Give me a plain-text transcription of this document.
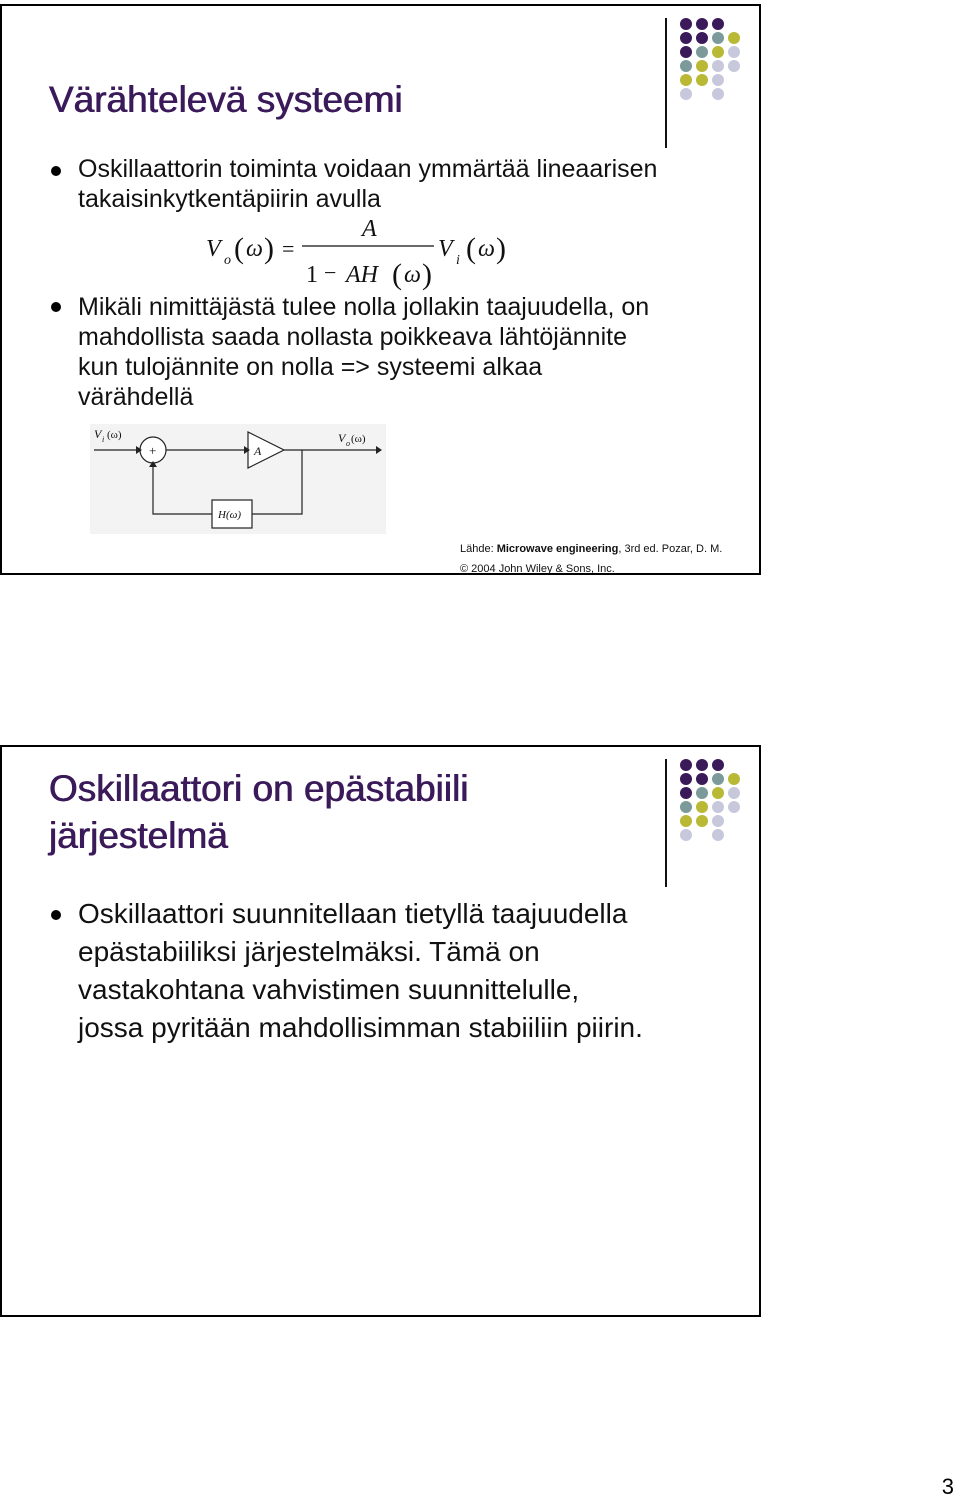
Värähtelevä systeemi

Oskillaattorin toiminta voidaan ymmärtää lineaarisen
takaisinkytkentäpiirin avulla

V o ( ω ) =
A
1 − AH ( ω )
V i ( ω )

Mikäli nimittäjästä tulee nolla jollakin taajuudella, on
mahdollista saada nollasta poikkeava lähtöjännite
kun tulojännite on nolla => systeemi alkaa
värähdellä

V i (ω)	V o (ω)
+	A
H(ω)
Lähde: Microwave engineering, 3rd ed. Pozar, D. M.
© 2004 John Wiley & Sons, Inc.
Oskillaattori on epästabiili
järjestelmä

Oskillaattori suunnitellaan tietyllä taajuudella
epästabiiliksi järjestelmäksi. Tämä on
vastakohtana vahvistimen suunnittelulle,
jossa pyritään mahdollisimman stabiiliin piirin.

3
